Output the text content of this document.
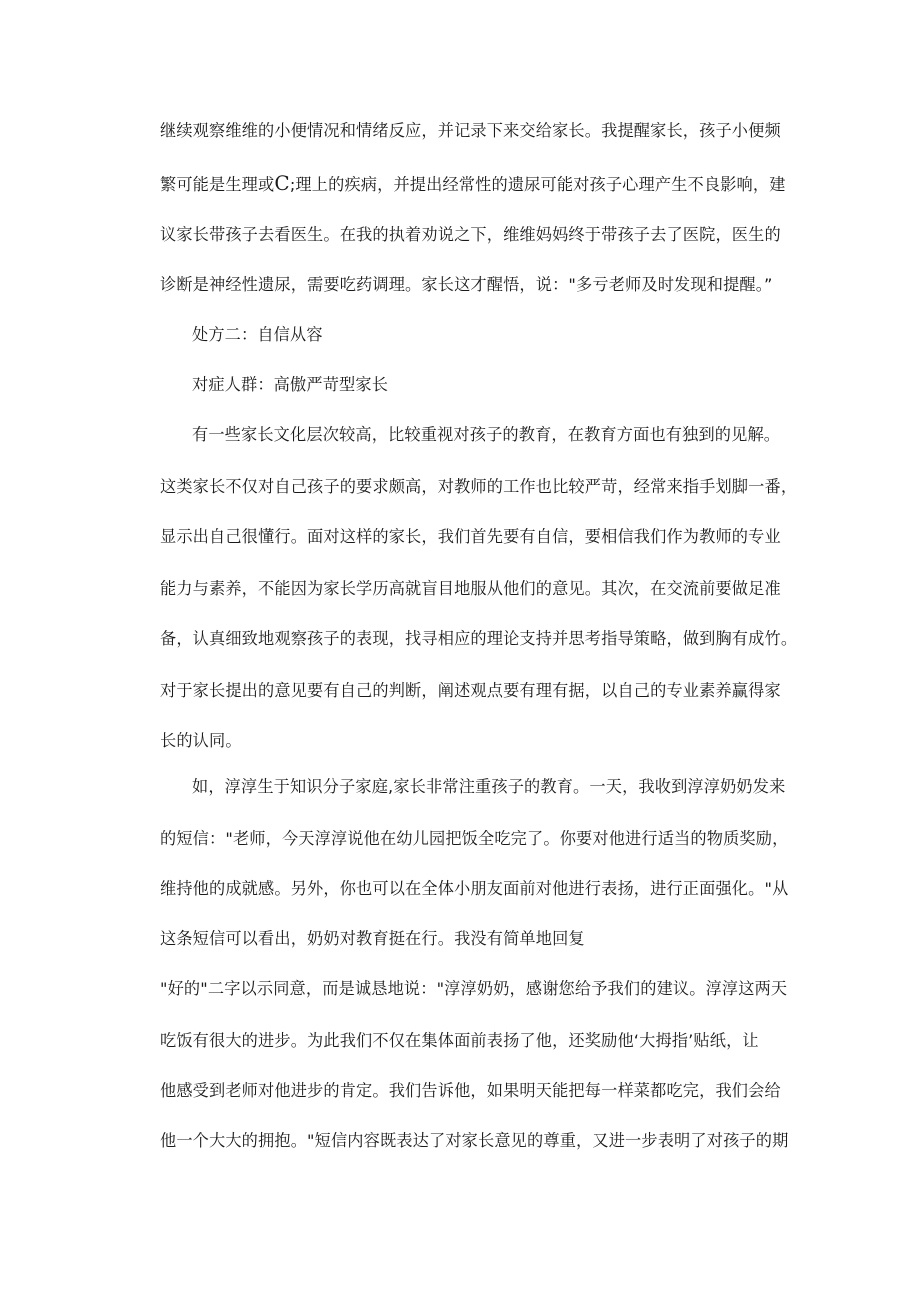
继续观察维维的小便情况和情绪反应，并记录下来交给家长。我提醒家长，孩子小便频
繁可能是生理或C;理上的疾病，并提出经常性的遗尿可能对孩子心理产生不良影响，建
议家长带孩子去看医生。在我的执着劝说之下，维维妈妈终于带孩子去了医院，医生的
诊断是神经性遗尿，需要吃药调理。家长这才醒悟，说："多亏老师及时发现和提醒。”
处方二：自信从容
对症人群：高傲严苛型家长
有一些家长文化层次较高，比较重视对孩子的教育，在教育方面也有独到的见解。
这类家长不仅对自己孩子的要求颇高，对教师的工作也比较严苛，经常来指手划脚一番，
显示出自己很懂行。面对这样的家长，我们首先要有自信，要相信我们作为教师的专业
能力与素养，不能因为家长学历高就盲目地服从他们的意见。其次，在交流前要做足准
备，认真细致地观察孩子的表现，找寻相应的理论支持并思考指导策略，做到胸有成竹。
对于家长提出的意见要有自己的判断，阐述观点要有理有据，以自己的专业素养赢得家
长的认同。
如，淳淳生于知识分子家庭,家长非常注重孩子的教育。一天，我收到淳淳奶奶发来
的短信："老师，今天淳淳说他在幼儿园把饭全吃完了。你要对他进行适当的物质奖励，
维持他的成就感。另外，你也可以在全体小朋友面前对他进行表扬，进行正面强化。"从
这条短信可以看出，奶奶对教育挺在行。我没有简单地回复
"好的"二字以示同意，而是诚恳地说："淳淳奶奶，感谢您给予我们的建议。淳淳这两天
吃饭有很大的进步。为此我们不仅在集体面前表扬了他，还奖励他‘大拇指’贴纸，让
他感受到老师对他进步的肯定。我们告诉他，如果明天能把每一样菜都吃完，我们会给
他一个大大的拥抱。"短信内容既表达了对家长意见的尊重，又进一步表明了对孩子的期
